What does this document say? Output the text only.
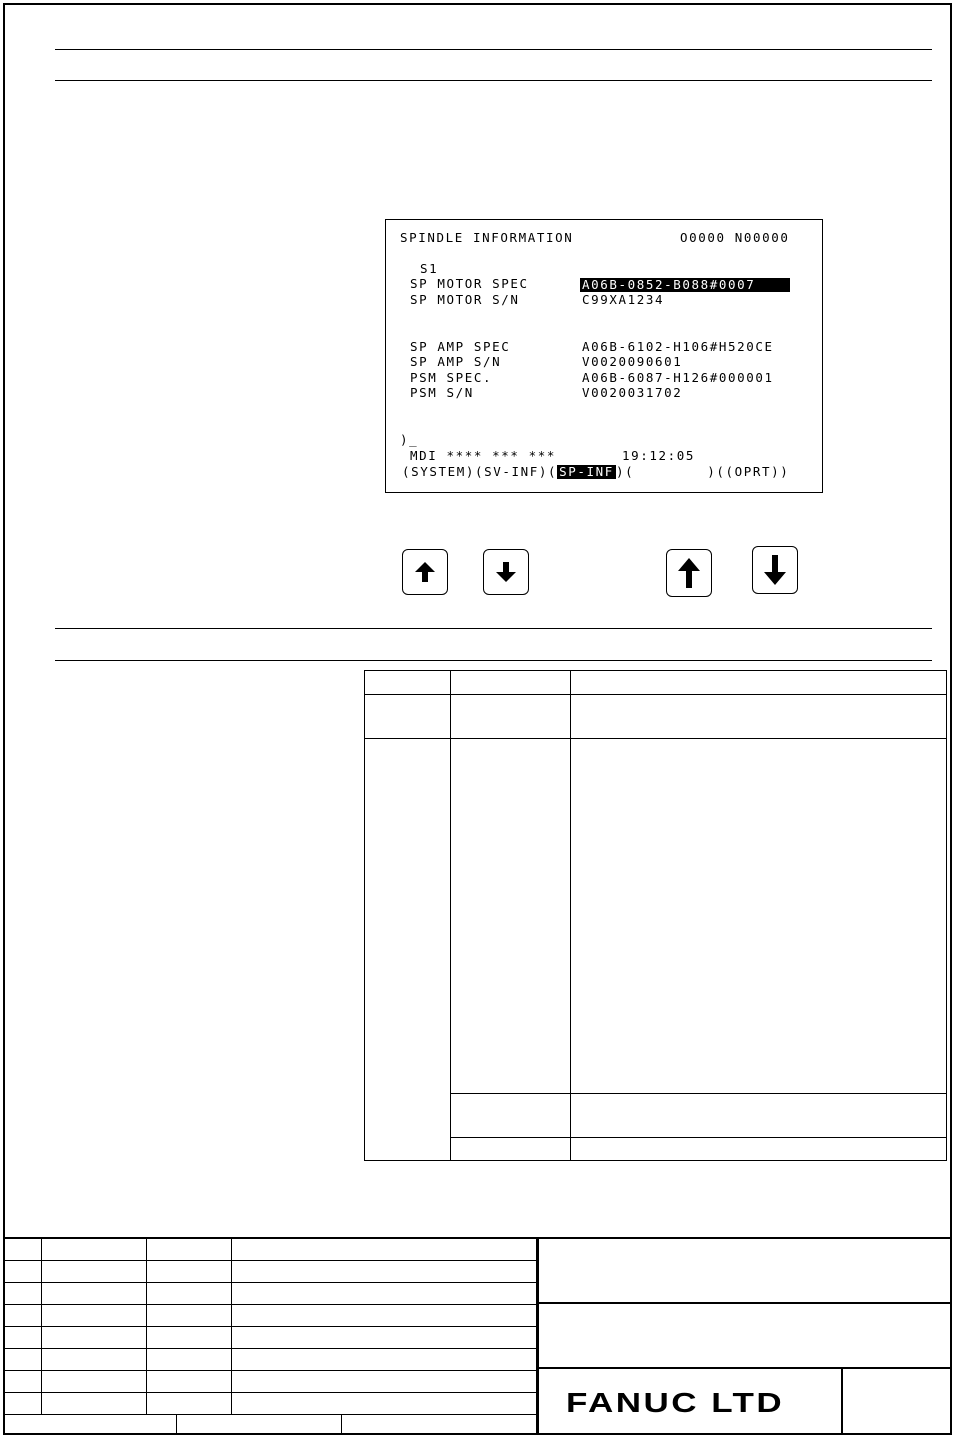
SPINDLE INFORMATION	O0000 N00000
S1
SP MOTOR SPEC	A06B-0852-B088#0007
SP MOTOR S/N	C99XA1234
SP AMP SPEC	A06B-6102-H106#H520CE
SP AMP S/N	V0020090601
PSM SPEC.	A06B-6087-H126#000001
PSM S/N	V0020031702
)_
MDI **** *** ***	19:12:05
(SYSTEM) (SV-INF) ( SP-INF )(
	)( (OPRT) )
FANUC LTD
